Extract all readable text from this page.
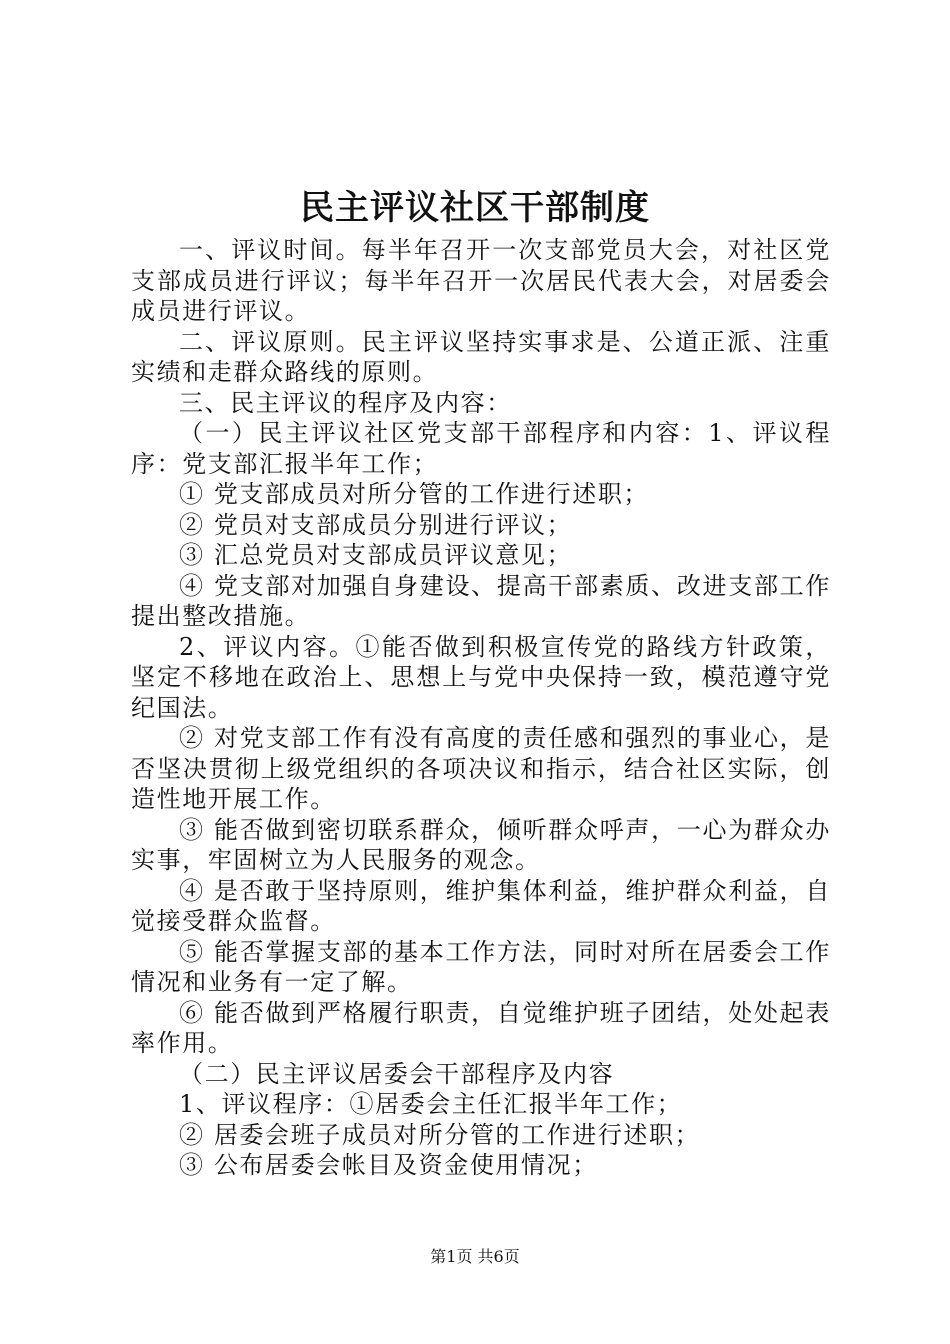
民主评议社区干部制度

一、评议时间。每半年召开一次支部党员大会，对社区党支部成员进行评议；每半年召开一次居民代表大会，对居委会成员进行评议。

二、评议原则。民主评议坚持实事求是、公道正派、注重实绩和走群众路线的原则。

三、民主评议的程序及内容：

（一）民主评议社区党支部干部程序和内容：1、评议程序：党支部汇报半年工作；

① 党支部成员对所分管的工作进行述职；

② 党员对支部成员分别进行评议；

③ 汇总党员对支部成员评议意见；

④ 党支部对加强自身建设、提高干部素质、改进支部工作提出整改措施。

2、评议内容。①能否做到积极宣传党的路线方针政策，坚定不移地在政治上、思想上与党中央保持一致，模范遵守党纪国法。

② 对党支部工作有没有高度的责任感和强烈的事业心，是否坚决贯彻上级党组织的各项决议和指示，结合社区实际，创造性地开展工作。

③ 能否做到密切联系群众，倾听群众呼声，一心为群众办实事，牢固树立为人民服务的观念。

④ 是否敢于坚持原则，维护集体利益，维护群众利益，自觉接受群众监督。

⑤ 能否掌握支部的基本工作方法，同时对所在居委会工作情况和业务有一定了解。

⑥ 能否做到严格履行职责，自觉维护班子团结，处处起表率作用。

（二）民主评议居委会干部程序及内容

1、评议程序：①居委会主任汇报半年工作；

② 居委会班子成员对所分管的工作进行述职；

③ 公布居委会帐目及资金使用情况；

第1页 共6页
